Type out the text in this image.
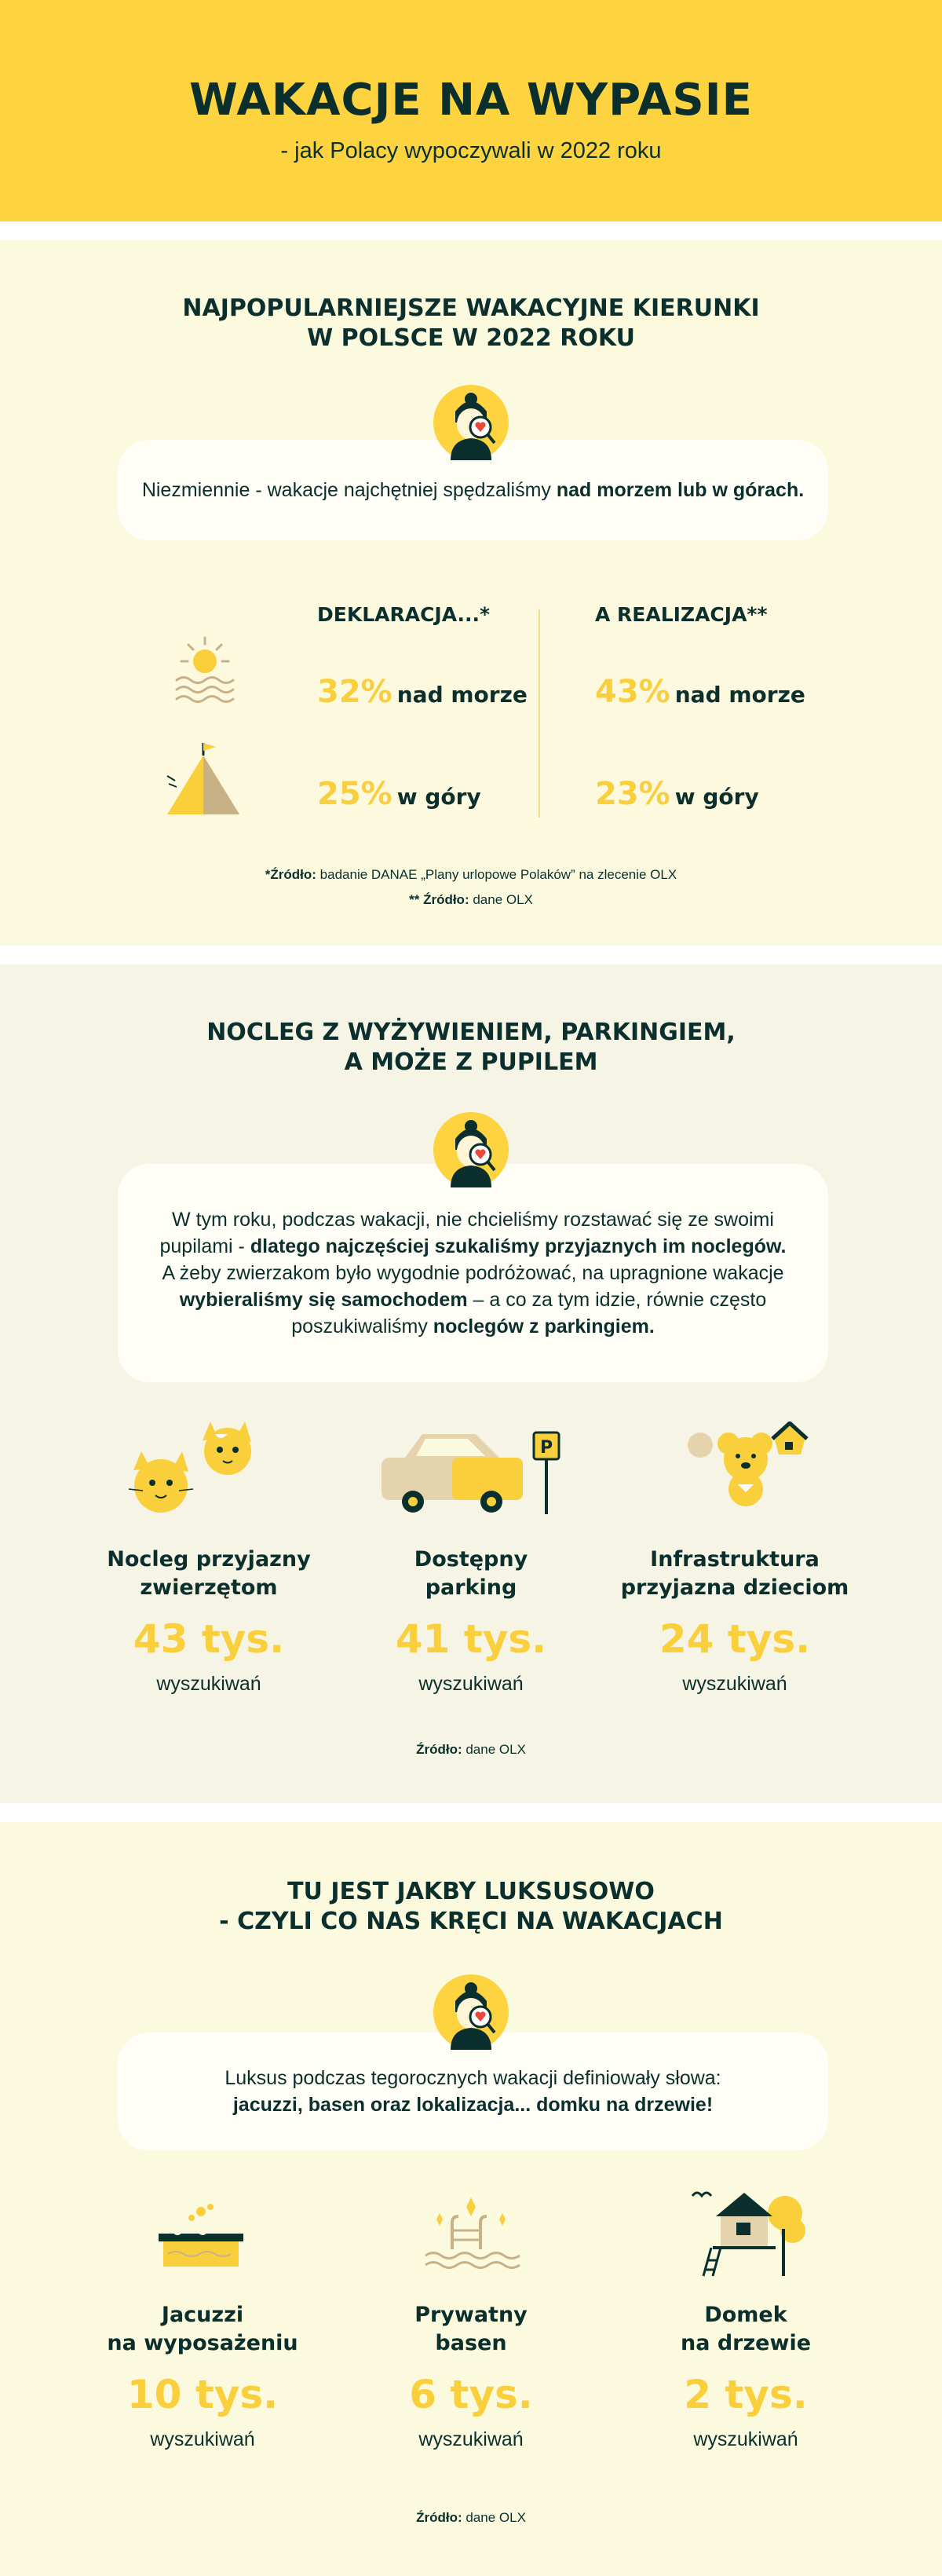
WAKACJE NA WYPASIE
- jak Polacy wypoczywali w 2022 roku
NAJPOPULARNIEJSZE WAKACYJNE KIERUNKI
W POLSCE W 2022 ROKU
Niezmiennie - wakacje najchętniej spędzaliśmy nad morzem lub w górach.
DEKLARACJA...*	A REALIZACJA**
32% nad morze
25% w góry
43% nad morze
23% w góry
*Źródło: badanie DANAE „Plany urlopowe Polaków” na zlecenie OLX
** Źródło: dane OLX
NOCLEG Z WYŻYWIENIEM, PARKINGIEM,
A MOŻE Z PUPILEM
W tym roku, podczas wakacji, nie chcieliśmy rozstawać się ze swoimi
pupilami - dlatego najczęściej szukaliśmy przyjaznych im noclegów.
A żeby zwierzakom było wygodnie podróżować, na upragnione wakacje
wybieraliśmy się samochodem – a co za tym idzie, równie często
poszukiwaliśmy noclegów z parkingiem.
P
Nocleg przyjazny
zwierzętom
43 tys.
wyszukiwań
Dostępny
parking
41 tys.
wyszukiwań
Infrastruktura
przyjazna dzieciom
24 tys.
wyszukiwań
Źródło: dane OLX
TU JEST JAKBY LUKSUSOWO
- CZYLI CO NAS KRĘCI NA WAKACJACH
Luksus podczas tegorocznych wakacji definiowały słowa:
jacuzzi, basen oraz lokalizacja... domku na drzewie!
Jacuzzi
na wyposażeniu
10 tys.
wyszukiwań
Prywatny
basen
6 tys.
wyszukiwań
Domek
na drzewie
2 tys.
wyszukiwań
Źródło: dane OLX
